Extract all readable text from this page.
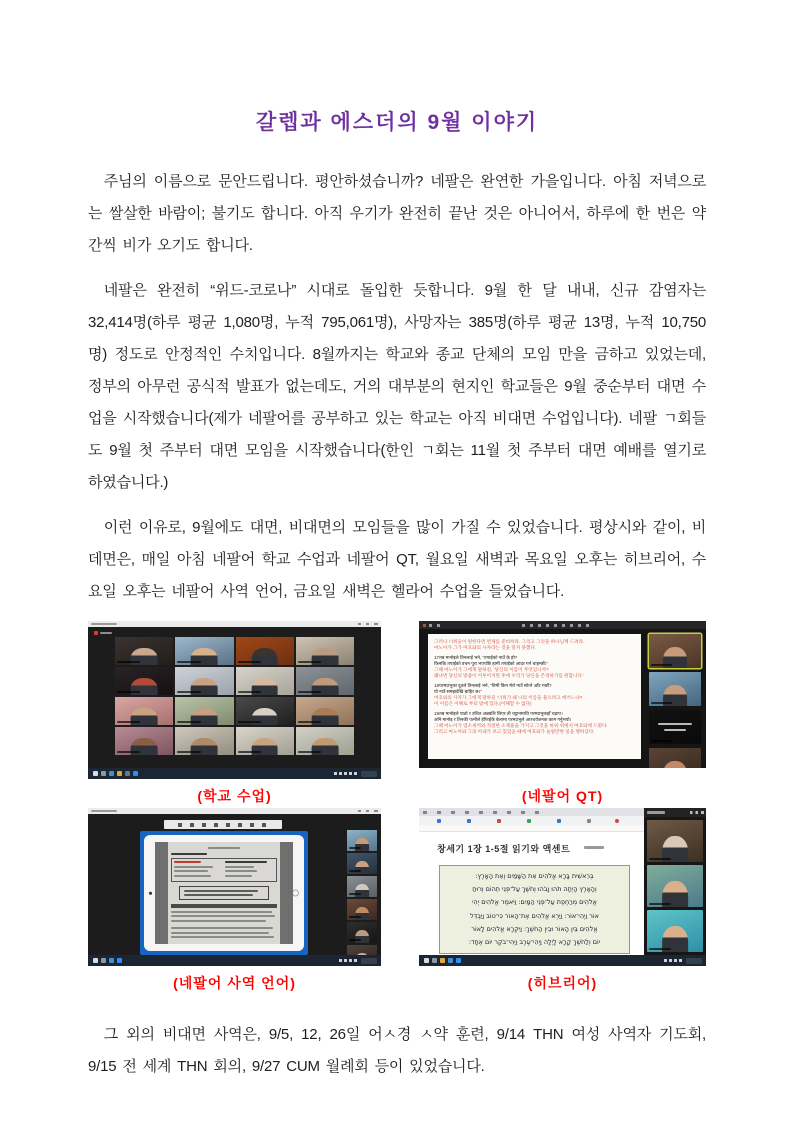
갈렙과 에스더의 9월 이야기

주님의 이름으로 문안드립니다. 평안하셨습니까? 네팔은 완연한 가을입니다. 아침 저녁으로는 쌀살한 바람이; 불기도 합니다. 아직 우기가 완전히 끝난 것은 아니어서, 하루에 한 번은 약간씩 비가 오기도 합니다.

네팔은 완전히 “위드-코로나” 시대로 돌입한 듯합니다. 9월 한 달 내내, 신규 감염자는 32,414명(하루 평균 1,080명, 누적 795,061명), 사망자는 385명(하루 평균 13명, 누적 10,750명) 정도로 안정적인 수치입니다. 8월까지는 학교와 종교 단체의 모임 만을 금하고 있었는데, 정부의 아무런 공식적 발표가 없는데도, 거의 대부분의 현지인 학교들은 9월 중순부터 대면 수업을 시작했습니다(제가 네팔어를 공부하고 있는 학교는 아직 비대면 수업입니다). 네팔 ㄱ회들도 9월 첫 주부터 대면 모임을 시작했습니다(한인 ㄱ회는 11월 첫 주부터 대면 예배를 열기로 하였습니다.)

이런 이유로, 9월에도 대면, 비대면의 모임들을 많이 가질 수 있었습니다. 평상시와 같이, 비데면은, 매일 아침 네팔어 학교 수업과 네팔어 QT, 월요일 새벽과 목요일 오후는 히브리어, 수요일 오후는 네팔어 사역 언어, 금요일 새벽은 헬라어 수업을 들었습니다.

(학교 수업)
그러나 너희들이 원한다면 번제를 준비하라. 그리고 그것을 하나님께 드려라.
마노아가 그가 여호와의 사자라는 것을 알지 못했다.
17तब मानोइले तिनलाई भने, “तपाईंको नाउँ के हो?
किनकि तपाईंको वचन पूरा भएपछि हामी तपाईंको आदर गर्न चाहन्छौं।”
그때 마노아가 그에게 말하길, ‘당신의 이름이 무엇입니까?
왜냐면 당신의 말씀이 이루어지면 후에 우리가 당신을 존경하기를 원합니다.’
18परमप्रभुका दूतले तिनलाई भने, “तिमी किन मेरो नाउँ सोध्ने आँट गर्छौ?
यो नाउँ समझदेखि बाहिर छ।”
여호와의 사자가 그에게 말하길 ‘너희가 왜 나의 이름을 물으려고 애쓰느냐?
이 이름은 이해로 부터 밖에 있다.(이해할 수 없다)
19तब मानोइले पाठो र उचित अन्नबलि लिएर ती चट्टानमाथि परमप्रभुकहाँ चढाए।
अनि मानोइ र तिनकी पत्नीले हेरिरहेकै बेलामा परमप्रभुले आश्चर्यजनक काम गर्नुभयो।
그때 마노아가 염소새끼와 적절한 소제물을 가지고 그것을 바위 위에서 여호와께 드렸다.
그리고 마노아와 그의 아내가 보고 있었을 때에 여호와가 놀랄만한 일을 행하셨다.
(네팔어 QT)
(네팔어 사역 언어)
창세기 1장 1-5절 읽기와 액센트
בְּרֵאשִׁית בָּרָא אֱלֹהִים אֵת הַשָּׁמַיִם וְאֵת הָאָרֶץ:
וְהָאָרֶץ הָיְתָה תֹהוּ וָבֹהוּ וְחֹשֶׁךְ עַל־פְּנֵי תְהוֹם וְרוּחַ
אֱלֹהִים מְרַחֶפֶת עַל־פְּנֵי הַמָּיִם: וַיֹּאמֶר אֱלֹהִים יְהִי
אוֹר וַיְהִי־אוֹר: וַיַּרְא אֱלֹהִים אֶת־הָאוֹר כִּי־טוֹב וַיַּבְדֵּל
אֱלֹהִים בֵּין הָאוֹר וּבֵין הַחֹשֶׁךְ: וַיִּקְרָא אֱלֹהִים לָאוֹר
יוֹם וְלַחֹשֶׁךְ קָרָא לָיְלָה וַיְהִי־עֶרֶב וַיְהִי־בֹקֶר יוֹם אֶחָד:
(히브리어)

그 외의 비대면 사역은, 9/5, 12, 26일 어ㅅ경 ㅅ약 훈련, 9/14 THN 여성 사역자 기도회, 9/15 전 세계 THN 회의, 9/27 CUM 월례회 등이 있었습니다.
